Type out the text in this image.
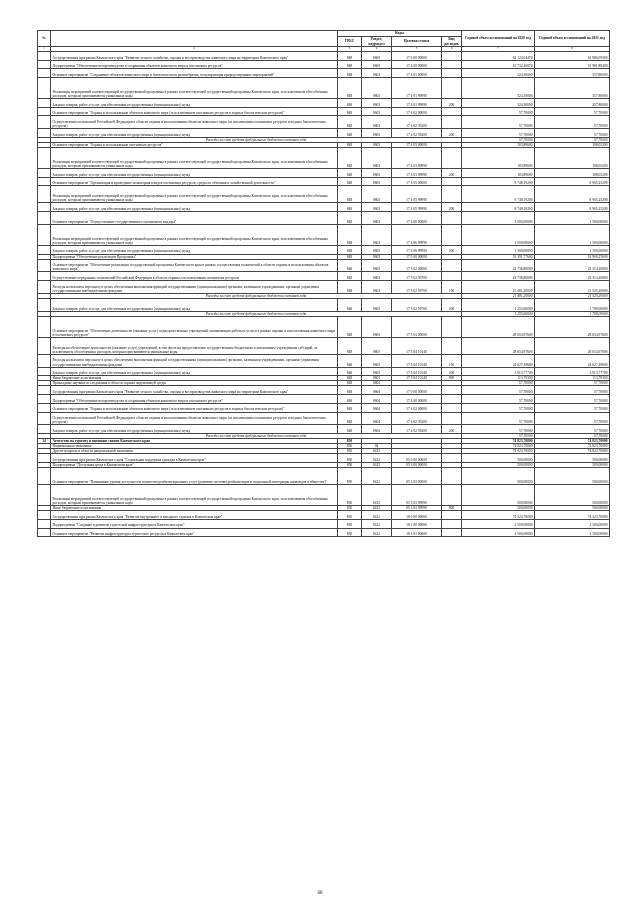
№		Коды				Годовой объем ассигнований на 2020 год	Годовой объем ассигнований на 2021 год
		ГРБС	Раздел, подраздел	Целевая статья	Вид расходов		
1	2	3	4	5	6	7	8
	Государственная программа Камчатского края "Развитие лесного хозяйства, охраны и воспроизводства животного мира на территории Камчатского края"	848	0603	17 0 00 00000		62 124,04470	62 986,09380
	Подпрограмма "Обеспечение воспроизводства и сохранения объектов животного мира и охотничьих ресурсов"	848	0603	17 4 00 00000		10 732,26870	10 981,89400
	Основное мероприятие "Сохранение объектов животного мира и биологического разнообразия, популяризация природоохранных мероприятий"	848	0603	17 4 01 00000		324,50000	357,80000
	Реализация мероприятий соответствующей государственной программы в рамках соответствующей государственной программы Камчатского края, за исключением обособленных расходов, которым присваиваются уникальные коды	848	0603	17 4 01 99990		324,50000	357,80000
	Закупка товаров, работ и услуг для обеспечения государственных (муниципальных) нужд	848	0603	17 4 01 99990	200	324,50000	357,80000
	Основное мероприятие "Охрана и использование объектов животного мира (за исключением охотничьих ресурсов и водных биологических ресурсов)"	848	0603	17 4 02 00000		57,70000	57,70000
	Осуществление полномочий Российской Федерации в области охраны и использования объектов животного мира (за исключением охотничьих ресурсов и водных биологических ресурсов)	848	0603	17 4 02 59200		57,70000	57,70000
	Закупка товаров, работ и услуг для обеспечения государственных (муниципальных) нужд	848	0603	17 4 02 59200	200	57,70000	57,70000
	Расходы за счет средств федерального бюджета составят года					57,70000	57,70000
	Основное мероприятие "Охрана и использование охотничьих ресурсов"	848	0603	17 4 03 00000		103,89600	108,03200
	Реализация мероприятий соответствующей государственной программы в рамках соответствующей государственной программы Камчатского края, за исключением обособленных расходов, которым присваиваются уникальные коды	848	0603	17 4 03 99990		103,89600	108,03200
	Закупка товаров, работ и услуг для обеспечения государственных (муниципальных) нужд	848	0603	17 4 03 99990	200	103,89600	108,03200
	Основное мероприятие "Организация и проведение мониторинга видов охотничьих ресурсов, среды их обитания и хозяйственной деятельности"	848	0603	17 4 05 00000		8 748,19200	8 965,25200
	Реализация мероприятий соответствующей государственной программы в рамках соответствующей государственной программы Камчатского края, за исключением обособленных расходов, которым присваиваются уникальные коды	848	0603	17 4 05 99990		8 748,19200	8 965,25200
	Закупка товаров, работ и услуг для обеспечения государственных (муниципальных) нужд	848	0603	17 4 05 99990	200	8 748,19200	8 965,25200
	Основное мероприятие "Осуществление государственного охотничьего надзора"	848	0603	17 4 06 00000		1 500,00000	1 500,00000
	Реализация мероприятий соответствующей государственной программы в рамках соответствующей государственной программы Камчатского края, за исключением обособленных расходов, которым присваиваются уникальные коды	848	0603	17 4 06 99990		1 500,00000	1 500,00000
	Закупка товаров, работ и услуг для обеспечения государственных (муниципальных) нужд	848	0603	17 4 06 99990	200	1 500,00000	1 500,00000
	Подпрограмма "Обеспечение реализации Программы"	848	0603	17 5 00 00000		51 391,77600	51 969,25600
	Основное мероприятие "Обеспечение реализации государственной программы Камчатского края в рамках осуществления полномочий в области охраны и использования объектов животного мира"	848	0603	17 5 02 00000		22 736,80000	23 314,20000
	Осуществление переданных полномочий Российской Федерации в области охраны и использования охотничьих ресурсов	848	0603	17 5 02 59700		22 736,80000	23 314,20000
	Расходы на выплаты персоналу в целях обеспечения выполнения функций государственными (муниципальными) органами, казенными учреждениями, органами управления государственными внебюджетными фондами	848	0603	17 5 02 59700	100	21 481,20000	21 525,20000
	Расходы за счет средств федерального бюджета составят года					21 481,20000	21 525,20000
	Закупка товаров, работ и услуг для обеспечения государственных (муниципальных) нужд	848	0603	17 5 02 59700	200	1 255,60000	1 789,00000
	Расходы за счет средств федерального бюджета составят года					1 255,60000	1 789,00000
	Основное мероприятие "Обеспечение деятельности (оказание услуг) подведомственных учреждений, оказывающих работы и услуги в рамках охраны и использования животного мира и охотничьих ресурсов"	848	0603	17 5 04 00000		28 654,97600	28 654,97600
	Расходы на обеспечение деятельности (оказание услуг) учреждений, в том числе на предоставление государственным бюджетным и автономным учреждениям субсидий, за исключением обособленных расходов, которым присваиваются уникальные коды	848	0603	17 5 04 10140		28 654,97600	28 654,97600
	Расходы на выплаты персоналу в целях обеспечения выполнения функций государственными (муниципальными) органами, казенными учреждениями, органами управления государственными внебюджетными фондами	848	0603	17 5 04 10140	100	24 627,39600	24 627,39600
	Закупка товаров, работ и услуг для обеспечения государственных (муниципальных) нужд	848	0603	17 5 04 10140	200	3 913,77700	3 913,77700
	Иные бюджетные ассигнования	848	0603	17 5 04 10140	800	113,78300	113,78300
	Прикладные научные исследования в области охраны окружающей среды	848	0604			57,70000	57,70000
	Государственная программа Камчатского края "Развитие лесного хозяйства, охраны и воспроизводства животного мира на территории Камчатского края"	848	0604	17 0 00 00000		57,70000	57,70000
	Подпрограмма "Обеспечение воспроизводства и сохранения объектов животного мира и охотничьих ресурсов"	848	0604	17 4 00 00000		57,70000	57,70000
	Основное мероприятие "Охрана и использование объектов животного мира (за исключением охотничьих ресурсов и водных биологических ресурсов)"	848	0604	17 4 02 00000		57,70000	57,70000
	Осуществление полномочий Российской Федерации в области охраны и использования объектов животного мира (за исключением охотничьих ресурсов и водных биологических ресурсов)	848	0604	17 4 02 59200		57,70000	57,70000
	Закупка товаров, работ и услуг для обеспечения государственных (муниципальных) нужд	848	0604	17 4 02 59200	200	57,70000	57,70000
	Расходы за счет средств федерального бюджета составят года					57,70000	57,70000
34	Агентство по туризму и внешним связям Камчатского края	850				74 823,70000	74 823,70000
	Национальная экономика	850	04			74 823,70000	74 823,70000
	Другие вопросы в области национальной экономики	850	0412			74 823,70000	74 823,70000
	Государственная программа Камчатского края "Социальная поддержка граждан в Камчатском крае"	850	0412	05 0 00 00000		500,00000	500,00000
	Подпрограмма "Доступная среда в Камчатском крае"	850	0412	05 3 00 00000		500,00000	500,00000
	Основное мероприятие "Повышение уровня доступности и качества реабилитационных услуг (развитие системы реабилитации и социальной интеграции инвалидов в обществе)"	850	0412	05 3 03 00000		500,00000	500,00000
	Реализация мероприятий соответствующей государственной программы в рамках соответствующей государственной программы Камчатского края, за исключением обособленных расходов, которым присваиваются уникальные коды	850	0412	05 3 03 99990		500,00000	500,00000
	Иные бюджетные ассигнования	850	0412	05 3 03 99990	800	500,00000	500,00000
	Государственная программа Камчатского края "Развитие внутреннего и въездного туризма в Камчатском крае"	850	0412	18 0 00 00000		74 323,70000	74 323,70000
	Подпрограмма "Создание и развитие туристской инфраструктуры в Камчатском крае"	850	0412	18 1 00 00000		2 500,00000	2 500,00000
	Основное мероприятие "Развитие инфраструктуры туристских ресурсов в Камчатском крае"	850	0412	18 1 01 00000		2 500,00000	2 500,00000
68
